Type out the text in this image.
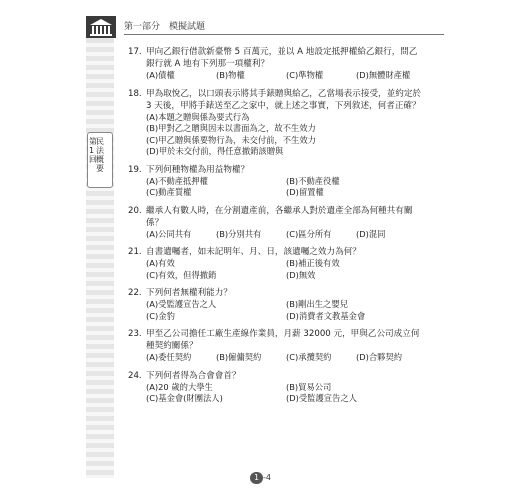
第一部分　模擬試題
民法概要
第1回
17. 甲向乙銀行借款新臺幣 5 百萬元，並以 A 地設定抵押權給乙銀行，問乙銀行就 A 地有下列那一項權利？
(A)債權	(B)物權	(C)準物權	(D)無體財產權
18. 甲為取悅乙，以口頭表示將其手錶贈與給乙，乙當場表示接受，並約定於 3 天後，甲將手錶送至乙之家中，就上述之事實，下列敘述，何者正確？
(A)本題之贈與係為要式行為
(B)甲對乙之贈與因未以書面為之，故不生效力
(C)甲乙贈與係要物行為，未交付前，不生效力
(D)甲於未交付前，得任意撤銷該贈與
19. 下列何種物權為用益物權？
(A)不動產抵押權	(B)不動產役權
(C)動產質權	(D)留置權
20. 繼承人有數人時，在分割遺產前，各繼承人對於遺產全部為何種共有關係？
(A)公同共有	(B)分別共有	(C)區分所有	(D)混同
21. 自書遺囑者，如未記明年、月、日，該遺囑之效力為何？
(A)有效	(B)補正後有效
(C)有效，但得撤銷	(D)無效
22. 下列何者無權利能力？
(A)受監護宣告之人	(B)剛出生之嬰兒
(C)金豹	(D)消費者文教基金會
23. 甲至乙公司擔任工廠生產線作業員，月薪 32000 元，甲與乙公司成立何種契約關係？
(A)委任契約	(B)僱傭契約	(C)承攬契約	(D)合夥契約
24. 下列何者得為合會會首？
(A)20 歲的大學生	(B)貿易公司
(C)基金會(財團法人)	(D)受監護宣告之人
1 -4
